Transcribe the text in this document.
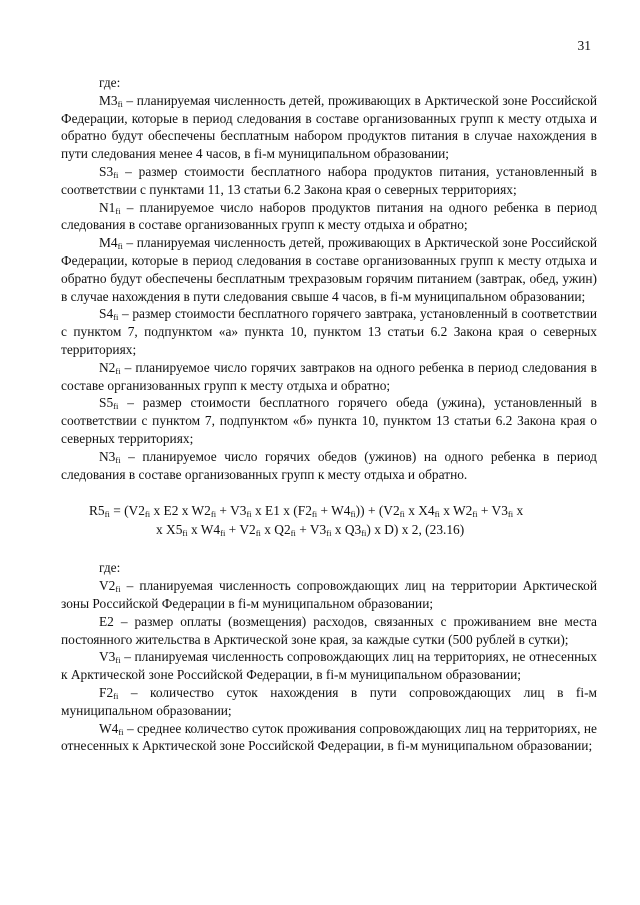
31

где:

$M3_{fi}$ – планируемая численность детей, проживающих в Арктической зоне Российской Федерации, которые в период следования в составе организованных групп к месту отдыха и обратно будут обеспечены бесплатным набором продуктов питания в случае нахождения в пути следования менее 4 часов, в fi-м муниципальном образовании;

$S3_{fi}$ – размер стоимости бесплатного набора продуктов питания, установленный в соответствии с пунктами 11, 13 статьи 6.2 Закона края о северных территориях;

$N1_{fi}$ – планируемое число наборов продуктов питания на одного ребенка в период следования в составе организованных групп к месту отдыха и обратно;

$M4_{fi}$ – планируемая численность детей, проживающих в Арктической зоне Российской Федерации, которые в период следования в составе организованных групп к месту отдыха и обратно будут обеспечены бесплатным трехразовым горячим питанием (завтрак, обед, ужин) в случае нахождения в пути следования свыше 4 часов, в fi-м муниципальном образовании;

$S4_{fi}$ – размер стоимости бесплатного горячего завтрака, установленный в соответствии с пунктом 7, подпунктом «а» пункта 10, пунктом 13 статьи 6.2 Закона края о северных территориях;

$N2_{fi}$ – планируемое число горячих завтраков на одного ребенка в период следования в составе организованных групп к месту отдыха и обратно;

$S5_{fi}$ – размер стоимости бесплатного горячего обеда (ужина), установленный в соответствии с пунктом 7, подпунктом «б» пункта 10, пунктом 13 статьи 6.2 Закона края о северных территориях;

$N3_{fi}$ – планируемое число горячих обедов (ужинов) на одного ребенка в период следования в составе организованных групп к месту отдыха и обратно.

$R5_{fi} = (V2_{fi}$ x E2 x $W2_{fi} + V3_{fi}$ x E1 x $(F2_{fi} + W4_{fi})) + (V2_{fi}$ x $X4_{fi}$ x $W2_{fi} + V3_{fi}$ x
x $X5_{fi}$ x $W4_{fi} + V2_{fi}$ x $Q2_{fi} + V3_{fi}$ x $Q3_{fi}$) x D) x 2, (23.16)

где:

$V2_{fi}$ – планируемая численность сопровождающих лиц на территории Арктической зоны Российской Федерации в fi-м муниципальном образовании;

E2 – размер оплаты (возмещения) расходов, связанных с проживанием вне места постоянного жительства в Арктической зоне края, за каждые сутки (500 рублей в сутки);

$V3_{fi}$ – планируемая численность сопровождающих лиц на территориях, не отнесенных к Арктической зоне Российской Федерации, в fi-м муниципальном образовании;

$F2_{fi}$ – количество суток нахождения в пути сопровождающих лиц в fi-м муниципальном образовании;

$W4_{fi}$ – среднее количество суток проживания сопровождающих лиц на территориях, не отнесенных к Арктической зоне Российской Федерации, в fi-м муниципальном образовании;
